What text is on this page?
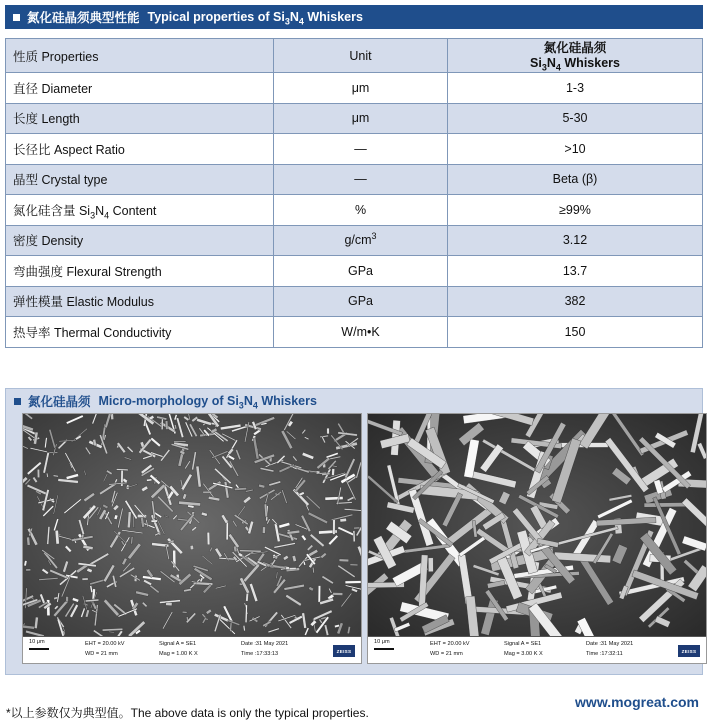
氮化硅晶须典型性能 Typical properties of $Si_3N_4$ Whiskers
性质 Properties	Unit	氮化硅晶须
$Si_3N_4$ Whiskers

直径 Diameter	μm	1-3
长度 Length	μm	5-30
长径比 Aspect Ratio	—	>10
晶型 Crystal type	—	Beta (β)
氮化硅含量 $Si_3N_4$ Content	%	≥99%
密度 Density	$g/cm^3$	3.12
弯曲强度 Flexural Strength	GPa	13.7
弹性模量 Elastic Modulus	GPa	382
热导率 Thermal Conductivity	W/m•K	150
氮化硅晶须 Micro-morphology of $Si_3N_4$ Whiskers
10 μm	EHT = 20.00 kV
WD = 21 mm
Signal A = SE1
Mag = 1.00 K X
Date :31 May 2021
Time :17:33:13	ZEISS
10 μm	EHT = 20.00 kV
WD = 21 mm
Signal A = SE1
Mag = 3.00 K X
Date :31 May 2021
Time :17:32:11	ZEISS
www.mogreat.com
*以上参数仅为典型值。The above data is only the typical properties.
